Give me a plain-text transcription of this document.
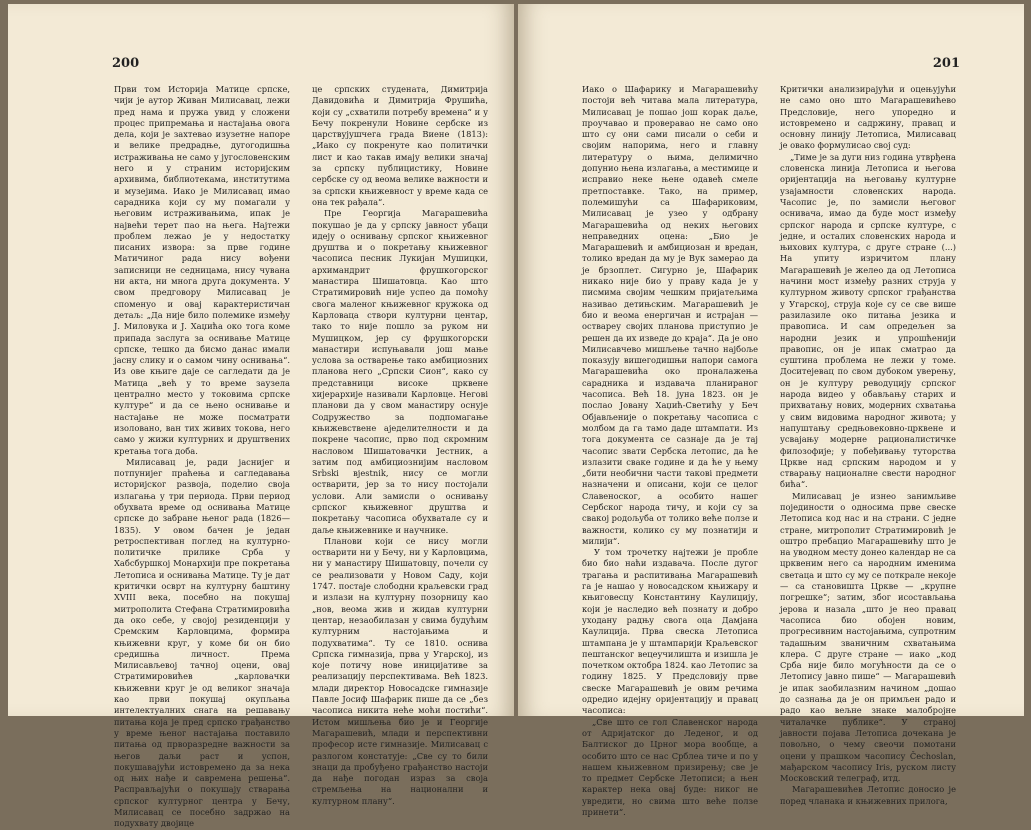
200

Први том Историја Матице српске, чији је аутор Живан Милисавац, лежи пред нама и пружа увид у сложени процес припремања и настајања овога дела, који је захтевао изузетне напоре и велике предрадње, дугогодишња истраживања не само у југословенским него и у страним историјским архивима, библиотекама, институтима и музејима. Иако је Милисавац имао сарадника који су му помагали у његовим истраживањима, ипак је највећи терет пао на њега. Најтежи проблем лежао је у недостатку писаних извора: за прве године Матичиног рада нису вођени записници не седницама, нису чувана ни акта, ни многа друга документа. У свом предговору Милисавац је споменуо и овај карактеристичан детаљ: „Да није било полемике између Ј. Миловука и Ј. Хаџића око тога коме припада заслуга за оснивање Матице српске, тешко да бисмо данас имали јасну слику и о самом чину оснивања“. Из ове књиге даје се сагледати да је Матица „већ у то време заузела централно место у токовима српске културе“ и да се њено оснивање и настајање не може посматрати изоловано, ван тих живих токова, него само у жижи културних и друштвених кретања тога доба.

Милисавац је, ради јаснијег и потпунијег праћења и сагледавања историјског развоја, поделио своја излагања у три периода. Први период обухвата време од оснивања Матице српске до забране њеног рада (1826—1835). У овом бачен је један ретроспективан поглед на културно-политичке прилике Срба у Хабсбуршкој Монархији пре покретања Летописа и оснивања Матице. Ту је дат критички осврт на културну баштину XVIII века, посебно на покушај митрополита Стефана Стратимировића да око себе, у својој резиденцији у Сремским Карловцима, формира књижевни круг, у коме би он био средишња личност. Према Милисављевој тачној оцени, овај Стратимировићев „карловачки књижевни круг је од великог значаја као први покушај окупљања интелектуалних снага на решавању питања која је пред српско грађанство у време њеног настајања поставило питања од прворазредне важности за његов даљи раст и успон, покушавајући истовремено да за нека од њих нађе и савремена решења“. Расправљајући о покушају стварања српског културног центра у Бечу, Милисавац се посебно задржао на подухвату двојице

це српских студената, Димитрија Давидовића и Димитрија Фрушића, који су „схватили потребу времена“ и у Бечу покренули Новине сербске из царствујушчега града Виене (1813): „Иако су покренуте као политички лист и као такав имају велики значај за српску публицистику, Новине сербске су од веома велике важности и за српски књижевност у време када се она тек рађала“.

Пре Георгија Магарашевића покушао је да у српску јавност убаци идеју о оснивању српског књижевног друштва и о покретању књижевног часописа песник Лукијан Мушицки, архимандрит фрушкогорског манастира Шишатовца. Као што Стратимировић није успео да помоћу свога маленог књижевног кружока од Карловаца створи културни центар, тако то није пошло за руком ни Мушицком, јер су фрушкогорски манастири испуњавали још мање услова за остварење тако амбициозних планова него „Српски Сион“, како су представници високе црквене хијерархије називали Карловце. Неговi планови да у свом манастиру оснује Содружество за подпомагање књижевствене аједелителности и да покрене часопис, прво под скромним насловом Шишатовачки Јестник, а затим под амбициознијим насловом Srbski вjestnik, нису се могли остварити, јер за то нису постојали услови. Али замисли о оснивању српског књижевног друштва и покретању часописа обухватале су и даље књижевнике и научнике.

Планови који се нису могли остварити ни у Бечу, ни у Карловцима, ни у манастиру Шишатовцу, почели су се реализовати у Новом Саду, који 1747. постаје слободни краљевски град и излази на културну позорницу као „нов, веома жив и жидав културни центар, незаобилазан у свима будућим културним настојањима и подухватима“. Ту се 1810. оснива Српска гимназија, прва у Угарској, из које потичу нове иницијативе за реализацију перспективама. Већ 1823. млади директор Новосадске гимназије Павле Јосиф Шафарик пише да се „без часописа никита неће моћи постићи“. Истом мишљења био је и Георгије Магарашевић, млади и перспективни професор исте гимназије. Милисавац с разлогом констатује: „Све су то били знаци да пробуђено грађанство настоји да нађе погодан израз за своја стремљења на национални и културном плану“.

201

Иако о Шафарику и Магарашевићу постоји већ читава мала литература, Милисавац је пошао још корак даље, проучавао и проверавао не само оно што су они сами писали о себи и својим напорима, него и главну литературу о њима, делимично допунио њена излагања, а местимице и исправио неке њене одавећ смеле претпоставке. Тако, на пример, полемишући са Шафариковим, Милисавац је узео у одбрану Магарашевића од неких његових неправедних оцена: „Био је Магарашевић и амбициозан и вредан, толико вредан да му је Вук замерао да је брзоплет. Сигурно је, Шафарик никако није био у праву када је у писмима својим чешким пријатељима називао детињским. Магарашевић је био и веома енергичан и истрајан — оствареу својих планова приступио је решен да их изведе до краја“. Да је оно Милисавчево мишљење тачно најбоље показују вишегодишњи напори самога Магарашевића око проналажења сарадника и издавача планираног часописа. Већ 18. јуна 1823. он је послао Јовану Хаџић-Светићу у Беч Објављеније о покретању часописа с молбом да га тамо даде штампати. Из тога документа се сазнаје да је тај часопис звати Сербска летопис, да ће излазити сваке године и да ће у њему „бити необични части таковi предмети назначени и описани, који се целог Славеноског, а особито нашег Сербског народа тичу, и који су за свакој родољуба от толико веће ползе и важности, колико су му познатији и милији“.

У том трочетку најтежи је пробле био био наћи издавача. После дугог трагања и распитивања Магарашевић га је нашао у новосадском књижару и књиговесцу Константину Каулицију, који је наследио већ познату и добро уходану радњу свога оца Дамјана Каулиција. Прва свеска Летописа штампана је у штампарији Краљевског пештанског вецеучилишта и изишла је почетком октобра 1824. као Летопис за годину 1825. У Предсловију прве свеске Магарашевић је овим речима одредио идејну оријентацију и правац часописа:

„Све што се гол Славенског народа от Адријатског до Леденог, и од Балтиског до Црног мора вообще, а особито што се нас Срблеа тиче и по у нашем књижевном призирењу; све је то предмет Сербске Летописи; а њен карактер нека овај буде: никог не увредити, но свима што веће ползе принети“.

Критички анализирајући и оцењујући не само оно што Магарашевићево Предсловије, него упоредно и истовремено и садржину, правац и основну линију Летописа, Милисавац је овако формулисао свој суд:

„Тиме је за дуги низ година утврђена словенска линија Летописа и његова оријентација на његовању културне узајамности словенских народа. Часопис је, по замисли његовог оснивача, имао да буде мост између српског народа и српске културе, с једне, и осталих словенских народа и њихових култура, с друге стране (...) На упиту изричитом плану Магарашевић је желео да од Летописа начини мост између разних струја у културном животу српског грађанства у Угарској, струја које су се све више разилазиле око питања језика и правописа. И сам опредељен за народни језик и упрошћенији правопис, он је ипак сматрао да суштина проблема не лежи у томе. Доситејевац по свом дубоком уверењу, он је културу реводуцију српског народа видео у обављању старих и прихватању нових, модерних схватања у свим видовима народног живота; у напуштању средњовековно-црквене и усвајању модерне рационалистичке филозофије; у побеђивању туторства Цркве над српским народом и у стварању националне свести народног бића“.

Милисавац је изнео занимљиве појединости о односима прве свеске Летописа код нас и на страни. С једне стране, митрополит Стратимировић је оштро пребацио Магарашевићу што је на уводном месту донео календар не са црквеним него са народним именима светаца и што су му се поткрале некоје — са становишта Цркве — „крупне погрешке“; затим, због исостављања јерова и назала „што је нео правац часописа био обојен новим, прогресивним настојањима, супротним тадашњим званичним схватањима клера. С друге стране — иако „код Срба није било могућности да се о Летопису јавно пише“ — Магарашевић је ипак заобилазним начином „дошао до сазнања да је он примљен радо и радо као вељне знаке малобројне читалачке публике“. У страној јавности појава Летописа дочекана је повољно, о чему свеочи помотани оцени у прашком часопису Čechoslan, мађарском часопису Iris, руском листу Московский телеграф, итд.

Магарашевићев Летопис доносио је поред чланака и књижевних прилога,
